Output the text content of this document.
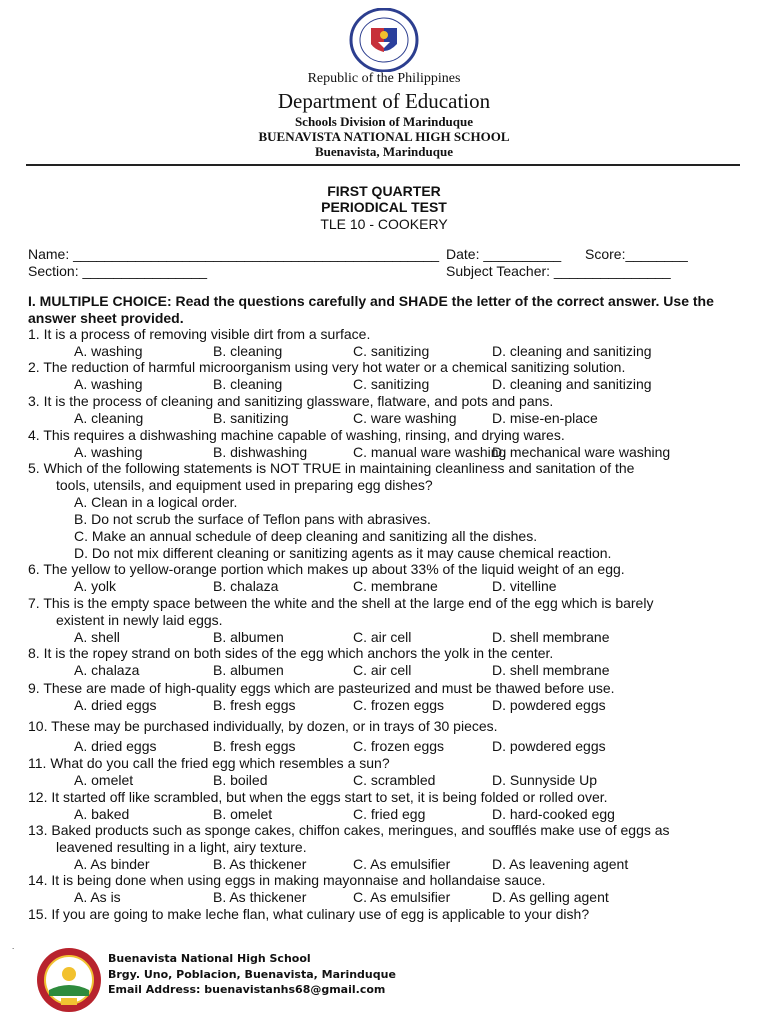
Republic of the Philippines
Department of Education
Schools Division of Marinduque
BUENAVISTA NATIONAL HIGH SCHOOL
Buenavista, Marinduque
FIRST QUARTER
PERIODICAL TEST
TLE 10 - COOKERY
Name: _______________________________________________ Date: __________ Score:________
Section: ________________	Subject Teacher: _______________
I. MULTIPLE CHOICE: Read the questions carefully and SHADE the letter of the correct answer. Use the answer sheet provided.
1. It is a process of removing visible dirt from a surface.
A. washing	B. cleaning	C. sanitizing	D. cleaning and sanitizing
2. The reduction of harmful microorganism using very hot water or a chemical sanitizing solution.
A. washing	B. cleaning	C. sanitizing	D. cleaning and sanitizing
3. It is the process of cleaning and sanitizing glassware, flatware, and pots and pans.
A. cleaning	B. sanitizing	C. ware washing	D. mise-en-place
4. This requires a dishwashing machine capable of washing, rinsing, and drying wares.
A. washing	B. dishwashing	C. manual ware washing
D. mechanical ware washing
5. Which of the following statements is NOT TRUE in maintaining cleanliness and sanitation of the
tools, utensils, and equipment used in preparing egg dishes?
A. Clean in a logical order.
B. Do not scrub the surface of Teflon pans with abrasives.
C. Make an annual schedule of deep cleaning and sanitizing all the dishes.
D. Do not mix different cleaning or sanitizing agents as it may cause chemical reaction.
6. The yellow to yellow-orange portion which makes up about 33% of the liquid weight of an egg.
A. yolk	B. chalaza	C. membrane	D. vitelline
7. This is the empty space between the white and the shell at the large end of the egg which is barely
existent in newly laid eggs.
A. shell	B. albumen	C. air cell	D. shell membrane
8. It is the ropey strand on both sides of the egg which anchors the yolk in the center.
A. chalaza	B. albumen	C. air cell	D. shell membrane
9. These are made of high-quality eggs which are pasteurized and must be thawed before use.
A. dried eggs	B. fresh eggs	C. frozen eggs	D. powdered eggs
10. These may be purchased individually, by dozen, or in trays of 30 pieces.
A. dried eggs	B. fresh eggs	C. frozen eggs	D. powdered eggs
11. What do you call the fried egg which resembles a sun?
A. omelet	B. boiled	C. scrambled	D. Sunnyside Up
12. It started off like scrambled, but when the eggs start to set, it is being folded or rolled over.
A. baked	B. omelet	C. fried egg	D. hard-cooked egg
13. Baked products such as sponge cakes, chiffon cakes, meringues, and soufflés make use of eggs as
leavened resulting in a light, airy texture.
A. As binder	B. As thickener	C. As emulsifier	D. As leavening agent
14. It is being done when using eggs in making mayonnaise and hollandaise sauce.
A. As is	B. As thickener	C. As emulsifier	D. As gelling agent
15. If you are going to make leche flan, what culinary use of egg is applicable to your dish?
.
Buenavista National High School
Brgy. Uno, Poblacion, Buenavista, Marinduque
Email Address: buenavistanhs68@gmail.com
